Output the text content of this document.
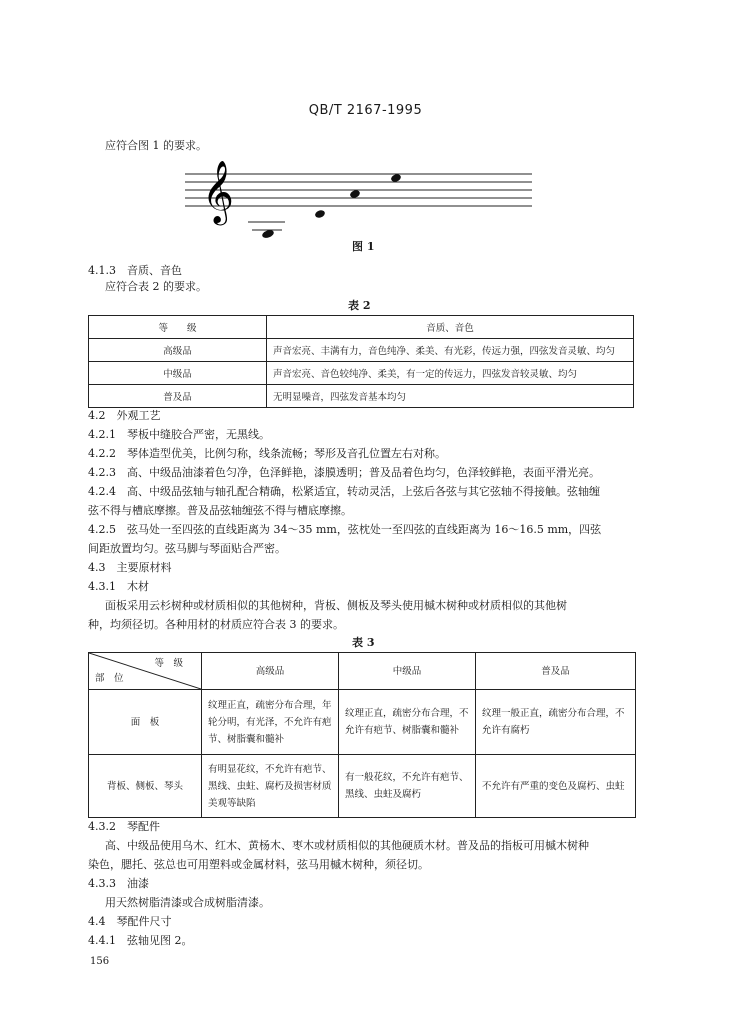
QB/T 2167-1995
应符合图 1 的要求。
𝄞
图 1
4.1.3　 音质、音色
应符合表 2 的要求。
表 2
等　　级	音质、音色
高级品	声音宏亮、丰满有力，音色纯净、柔美、有光彩，传远力强，四弦发音灵敏、均匀
中级品	声音宏亮、音色较纯净、柔美，有一定的传远力，四弦发音较灵敏、均匀
普及品	无明显噪音，四弦发音基本均匀
4.2　外观工艺
4.2.1　琴板中缝胶合严密，无黑线。
4.2.2　琴体造型优美，比例匀称，线条流畅；琴形及音孔位置左右对称。
4.2.3　高、中级品油漆着色匀净，色泽鲜艳，漆膜透明；普及品着色均匀，色泽较鲜艳，表面平滑光亮。
4.2.4　高、中级品弦轴与轴孔配合精确，松紧适宜，转动灵活，上弦后各弦与其它弦轴不得接触。弦轴缠
弦不得与槽底摩擦。普及品弦轴缠弦不得与槽底摩擦。
4.2.5　弦马处一至四弦的直线距离为 34～35 mm，弦枕处一至四弦的直线距离为 16～16.5 mm，四弦
间距放置均匀。弦马脚与琴面贴合严密。
4.3　主要原材料
4.3.1　木材
面板采用云杉树种或材质相似的其他树种，背板、侧板及琴头使用槭木树种或材质相似的其他树
种，均须径切。各种用材的材质应符合表 3 的要求。
表 3
等　级
部　位	高级品	中级品	普及品
面　板	纹理正直，疏密分布合理，年轮分明，有光泽，不允许有疤节、树脂囊和髓补	纹理正直，疏密分布合理，不允许有疤节、树脂囊和髓补	纹理一般正直，疏密分布合理，不允许有腐朽
背板、侧板、琴头	有明显花纹，不允许有疤节、黑线、虫蛀、腐朽及损害材质美观等缺陷	有一般花纹，不允许有疤节、黑线、虫蛀及腐朽	不允许有严重的变色及腐朽、虫蛀
4.3.2　琴配件
高、中级品使用乌木、红木、黄杨木、枣木或材质相似的其他硬质木材。普及品的指板可用槭木树种
染色，腮托、弦总也可用塑料或金属材料，弦马用槭木树种，须径切。
4.3.3　油漆
用天然树脂清漆或合成树脂清漆。
4.4　琴配件尺寸
4.4.1　弦轴见图 2。
156
